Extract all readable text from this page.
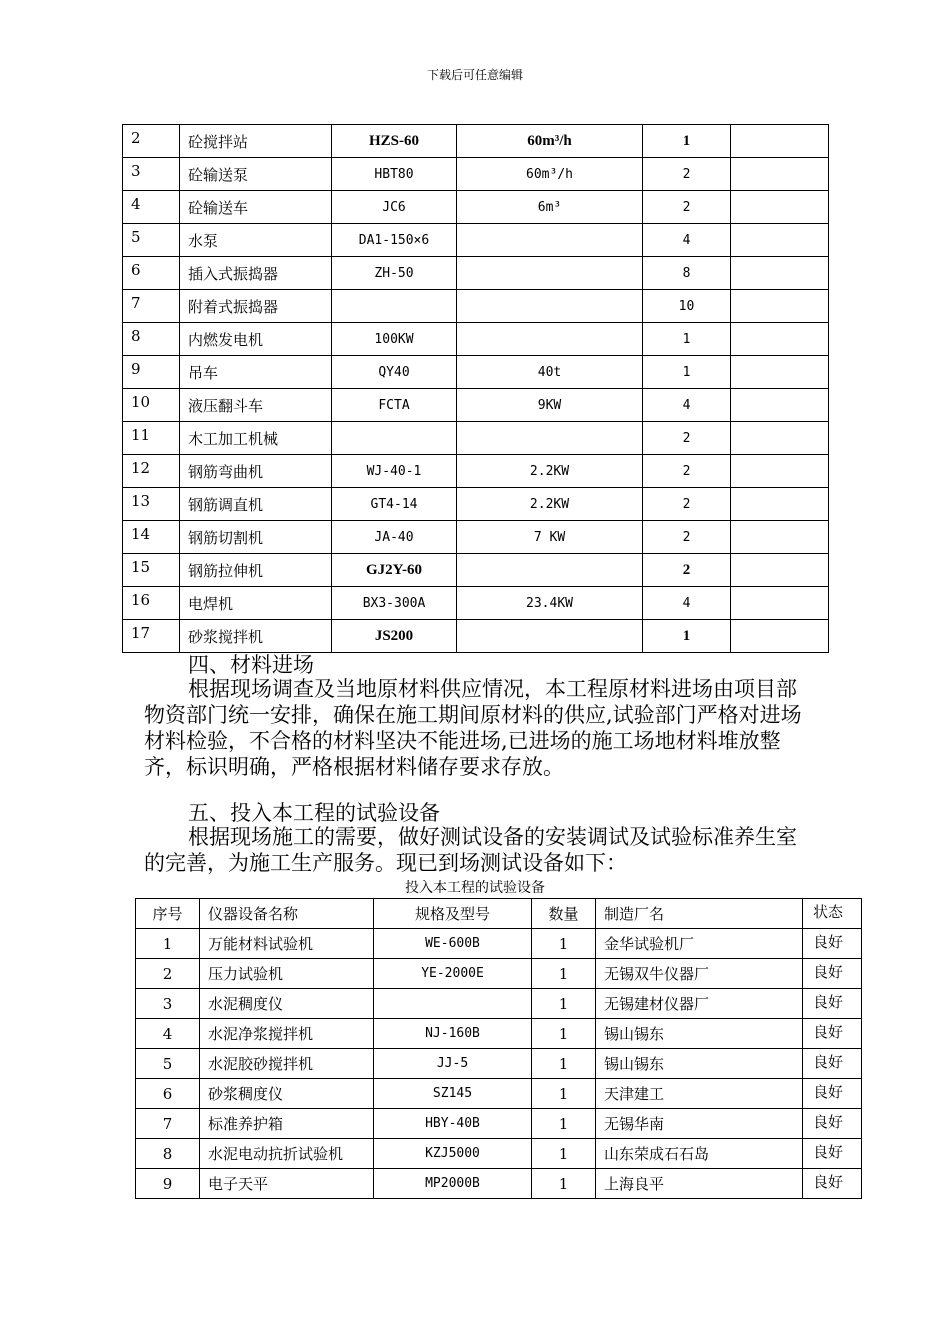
下载后可任意编辑
2	砼搅拌站	HZS-60	60m³/h	1	
3	砼输送泵	HBT80	60m³/h	2	
4	砼输送车	JC6	6m³	2	
5	水泵	DA1-150×6		4	
6	插入式振捣器	ZH-50		8	
7	附着式振捣器			10	
8	内燃发电机	100KW		1	
9	吊车	QY40	40t	1	
10	液压翻斗车	FCTA	9KW	4	
11	木工加工机械			2	
12	钢筋弯曲机	WJ-40-1	2.2KW	2	
13	钢筋调直机	GT4-14	2.2KW	2	
14	钢筋切割机	JA-40	7 KW	2	
15	钢筋拉伸机	GJ2Y-60		2	
16	电焊机	BX3-300A	23.4KW	4	
17	砂浆搅拌机	JS200		1	
四、材料进场
根据现场调查及当地原材料供应情况，本工程原材料进场由项目部物资部门统一安排，确保在施工期间原材料的供应,试验部门严格对进场材料检验，不合格的材料坚决不能进场,已进场的施工场地材料堆放整齐，标识明确，严格根据材料储存要求存放。
五、投入本工程的试验设备
根据现场施工的需要，做好测试设备的安装调试及试验标准养生室的完善，为施工生产服务。现已到场测试设备如下：
投入本工程的试验设备
序号	仪器设备名称	规格及型号	数量	制造厂名	状态
1	万能材料试验机	WE-600B	1	金华试验机厂	良好
2	压力试验机	YE-2000E	1	无锡双牛仪器厂	良好
3	水泥稠度仪		1	无锡建材仪器厂	良好
4	水泥净浆搅拌机	NJ-160B	1	锡山锡东	良好
5	水泥胶砂搅拌机	JJ-5	1	锡山锡东	良好
6	砂浆稠度仪	SZ145	1	天津建工	良好
7	标准养护箱	HBY-40B	1	无锡华南	良好
8	水泥电动抗折试验机	KZJ5000	1	山东荣成石石岛	良好
9	电子天平	MP2000B	1	上海良平	良好
